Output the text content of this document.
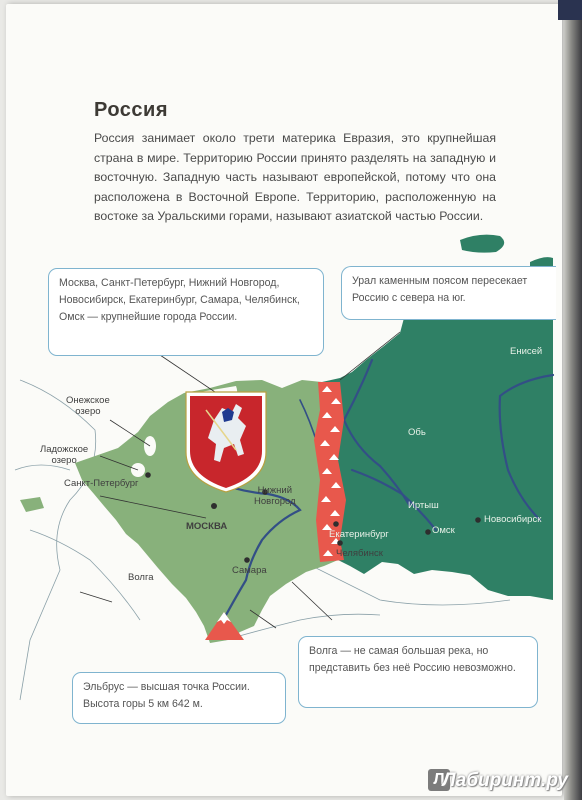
Россия

Россия занимает около трети материка Евразия, это крупнейшая страна в мире. Территорию России принято разделять на западную и восточную. Западную часть называют европейской, потому что она расположена в Восточной Европе. Территорию, расположенную на востоке за Уральскими горами, называют азиатской частью России.

Онежское
озеро
Ладожское
озеро
Санкт-Петербург
МОСКВА
Нижний
Новгород
Волга
Самара
Екатеринбург
Челябинск
Обь
Иртыш
Омск
Новосибирск
Енисей
Москва, Санкт-Петербург, Нижний Новгород, Новосибирск, Екатеринбург, Самара, Челябинск, Омск — крупнейшие города России.
Урал каменным поясом пересекает Россию с севера на юг.
Эльбрус — высшая точка России. Высота горы 5 км 642 м.
Волга — не самая большая река, но представить без неё Россию невозможно.
Л
Лабиринт.ру
